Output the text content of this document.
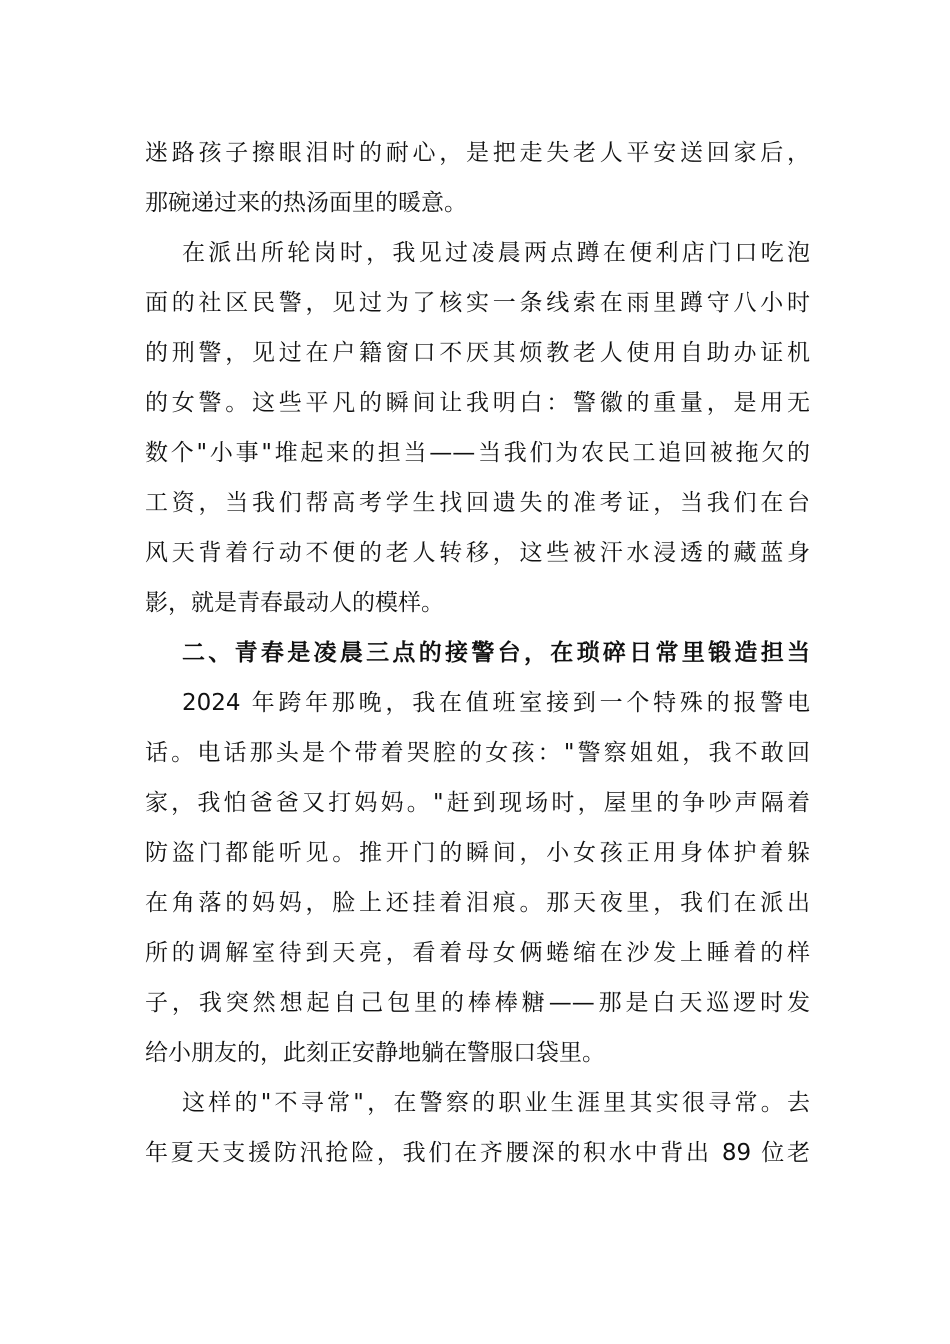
迷路孩子擦眼泪时的耐心，是把走失老人平安送回家后，
那碗递过来的热汤面里的暖意。
在派出所轮岗时，我见过凌晨两点蹲在便利店门口吃泡
面的社区民警，见过为了核实一条线索在雨里蹲守八小时
的刑警，见过在户籍窗口不厌其烦教老人使用自助办证机
的女警。这些平凡的瞬间让我明白：警徽的重量，是用无
数个"小事"堆起来的担当——当我们为农民工追回被拖欠的
工资，当我们帮高考学生找回遗失的准考证，当我们在台
风天背着行动不便的老人转移，这些被汗水浸透的藏蓝身
影，就是青春最动人的模样。
二、青春是凌晨三点的接警台，在琐碎日常里锻造担当
2024 年跨年那晚，我在值班室接到一个特殊的报警电
话。电话那头是个带着哭腔的女孩："警察姐姐，我不敢回
家，我怕爸爸又打妈妈。"赶到现场时，屋里的争吵声隔着
防盗门都能听见。推开门的瞬间，小女孩正用身体护着躲
在角落的妈妈，脸上还挂着泪痕。那天夜里，我们在派出
所的调解室待到天亮，看着母女俩蜷缩在沙发上睡着的样
子，我突然想起自己包里的棒棒糖——那是白天巡逻时发
给小朋友的，此刻正安静地躺在警服口袋里。
这样的"不寻常"，在警察的职业生涯里其实很寻常。去
年夏天支援防汛抢险，我们在齐腰深的积水中背出 89 位老
